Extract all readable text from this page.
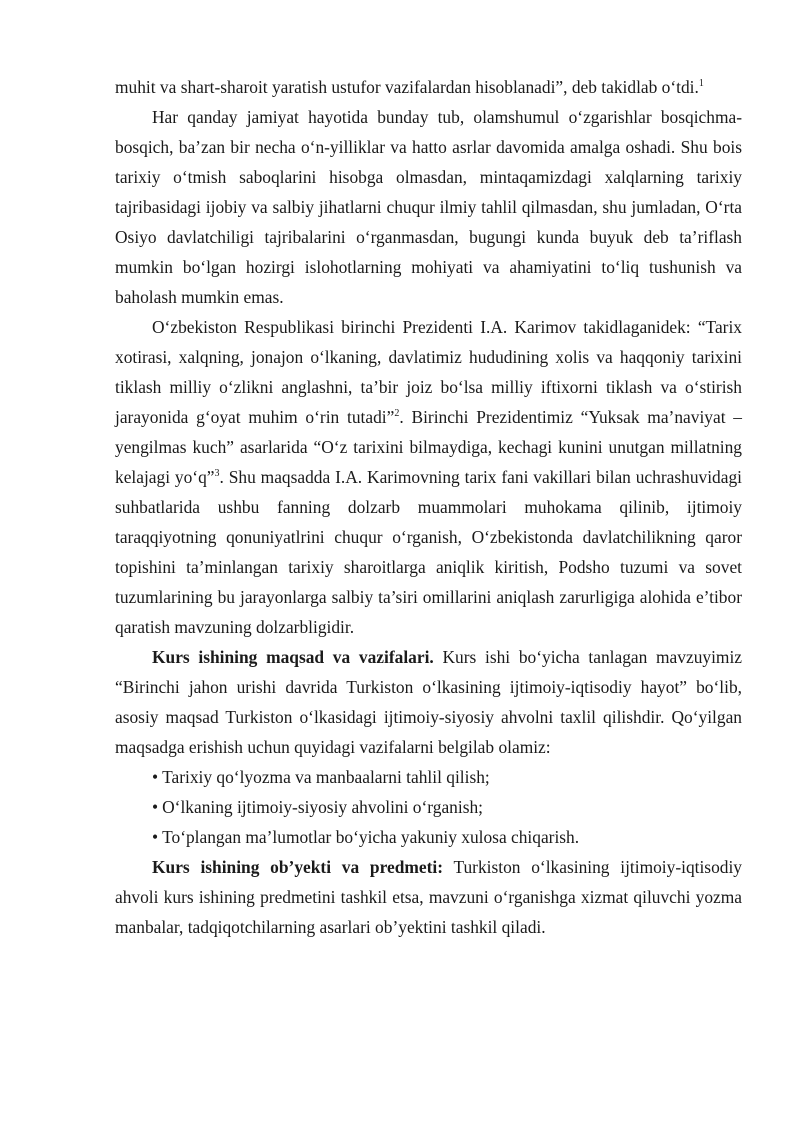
muhit va shart-sharoit yaratish ustufor vazifalardan hisoblanadi”, deb takidlab o‘tdi.$^1$

Har qanday jamiyat hayotida bunday tub, olamshumul o‘zgarishlar bosqichma-bosqich, ba’zan bir necha o‘n-yilliklar va hatto asrlar davomida amalga oshadi. Shu bois tarixiy o‘tmish saboqlarini hisobga olmasdan, mintaqamizdagi xalqlarning tarixiy tajribasidagi ijobiy va salbiy jihatlarni chuqur ilmiy tahlil qilmasdan, shu jumladan, O‘rta Osiyo davlatchiligi tajribalarini o‘rganmasdan, bugungi kunda buyuk deb ta’riflash mumkin bo‘lgan hozirgi islohotlarning mohiyati va ahamiyatini to‘liq tushunish va baholash mumkin emas.

O‘zbekiston Respublikasi birinchi Prezidenti I.A. Karimov takidlaganidek: “Tarix xotirasi, xalqning, jonajon o‘lkaning, davlatimiz hududining xolis va haqqoniy tarixini tiklash milliy o‘zlikni anglashni, ta’bir joiz bo‘lsa milliy iftixorni tiklash va o‘stirish jarayonida g‘oyat muhim o‘rin tutadi”$^2$. Birinchi Prezidentimiz “Yuksak ma’naviyat – yengilmas kuch” asarlarida “O‘z tarixini bilmaydiga, kechagi kunini unutgan millatning kelajagi yo‘q”$^3$. Shu maqsadda I.A. Karimovning tarix fani vakillari bilan uchrashuvidagi suhbatlarida ushbu fanning dolzarb muammolari muhokama qilinib, ijtimoiy taraqqiyotning qonuniyatlrini chuqur o‘rganish, O‘zbekistonda davlatchilikning qaror topishini ta’minlangan tarixiy sharoitlarga aniqlik kiritish, Podsho tuzumi va sovet tuzumlarining bu jarayonlarga salbiy ta’siri omillarini aniqlash zarurligiga alohida e’tibor qaratish mavzuning dolzarbligidir.

Kurs ishining maqsad va vazifalari. Kurs ishi bo‘yicha tanlagan mavzuyimiz “Birinchi jahon urishi davrida Turkiston o‘lkasining ijtimoiy-iqtisodiy hayot” bo‘lib, asosiy maqsad Turkiston o‘lkasidagi ijtimoiy-siyosiy ahvolni taxlil qilishdir. Qo‘yilgan maqsadga erishish uchun quyidagi vazifalarni belgilab olamiz:

• Tarixiy qo‘lyozma va manbaalarni tahlil qilish;

• O‘lkaning ijtimoiy-siyosiy ahvolini o‘rganish;

• To‘plangan ma’lumotlar bo‘yicha yakuniy xulosa chiqarish.

Kurs ishining ob’yekti va predmeti: Turkiston o‘lkasining ijtimoiy-iqtisodiy ahvoli kurs ishining predmetini tashkil etsa, mavzuni o‘rganishga xizmat qiluvchi yozma manbalar, tadqiqotchilarning asarlari ob’yektini tashkil qiladi.
